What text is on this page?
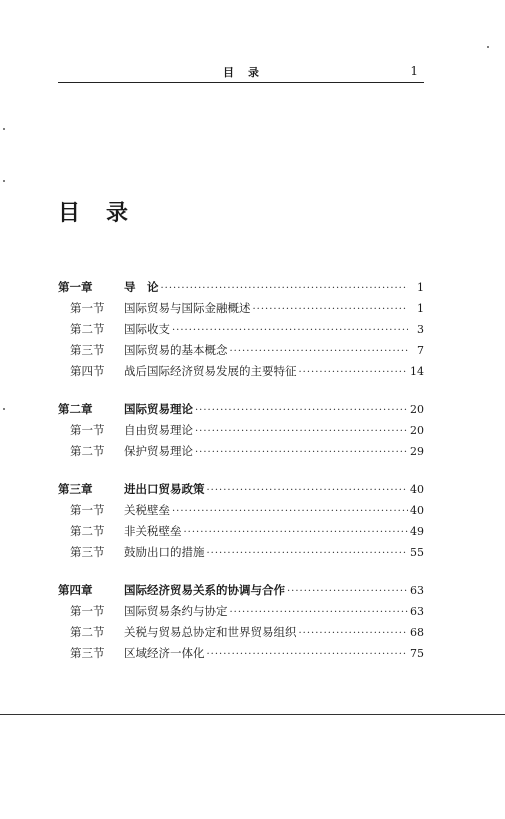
目录	1
目录
第一章	导　论 ·····	1
第一节	国际贸易与国际金融概述 ·····	1
第二节	国际收支 ·····	3
第三节	国际贸易的基本概念 ·····	7
第四节	战后国际经济贸易发展的主要特征 ·····	14
第二章	国际贸易理论 ·····	20
第一节	自由贸易理论 ·····	20
第二节	保护贸易理论 ·····	29
第三章	进出口贸易政策 ·····	40
第一节	关税壁垒 ·····	40
第二节	非关税壁垒 ·····	49
第三节	鼓励出口的措施 ·····	55
第四章	国际经济贸易关系的协调与合作 ·····	63
第一节	国际贸易条约与协定 ·····	63
第二节	关税与贸易总协定和世界贸易组织 ·····	68
第三节	区域经济一体化 ·····	75
